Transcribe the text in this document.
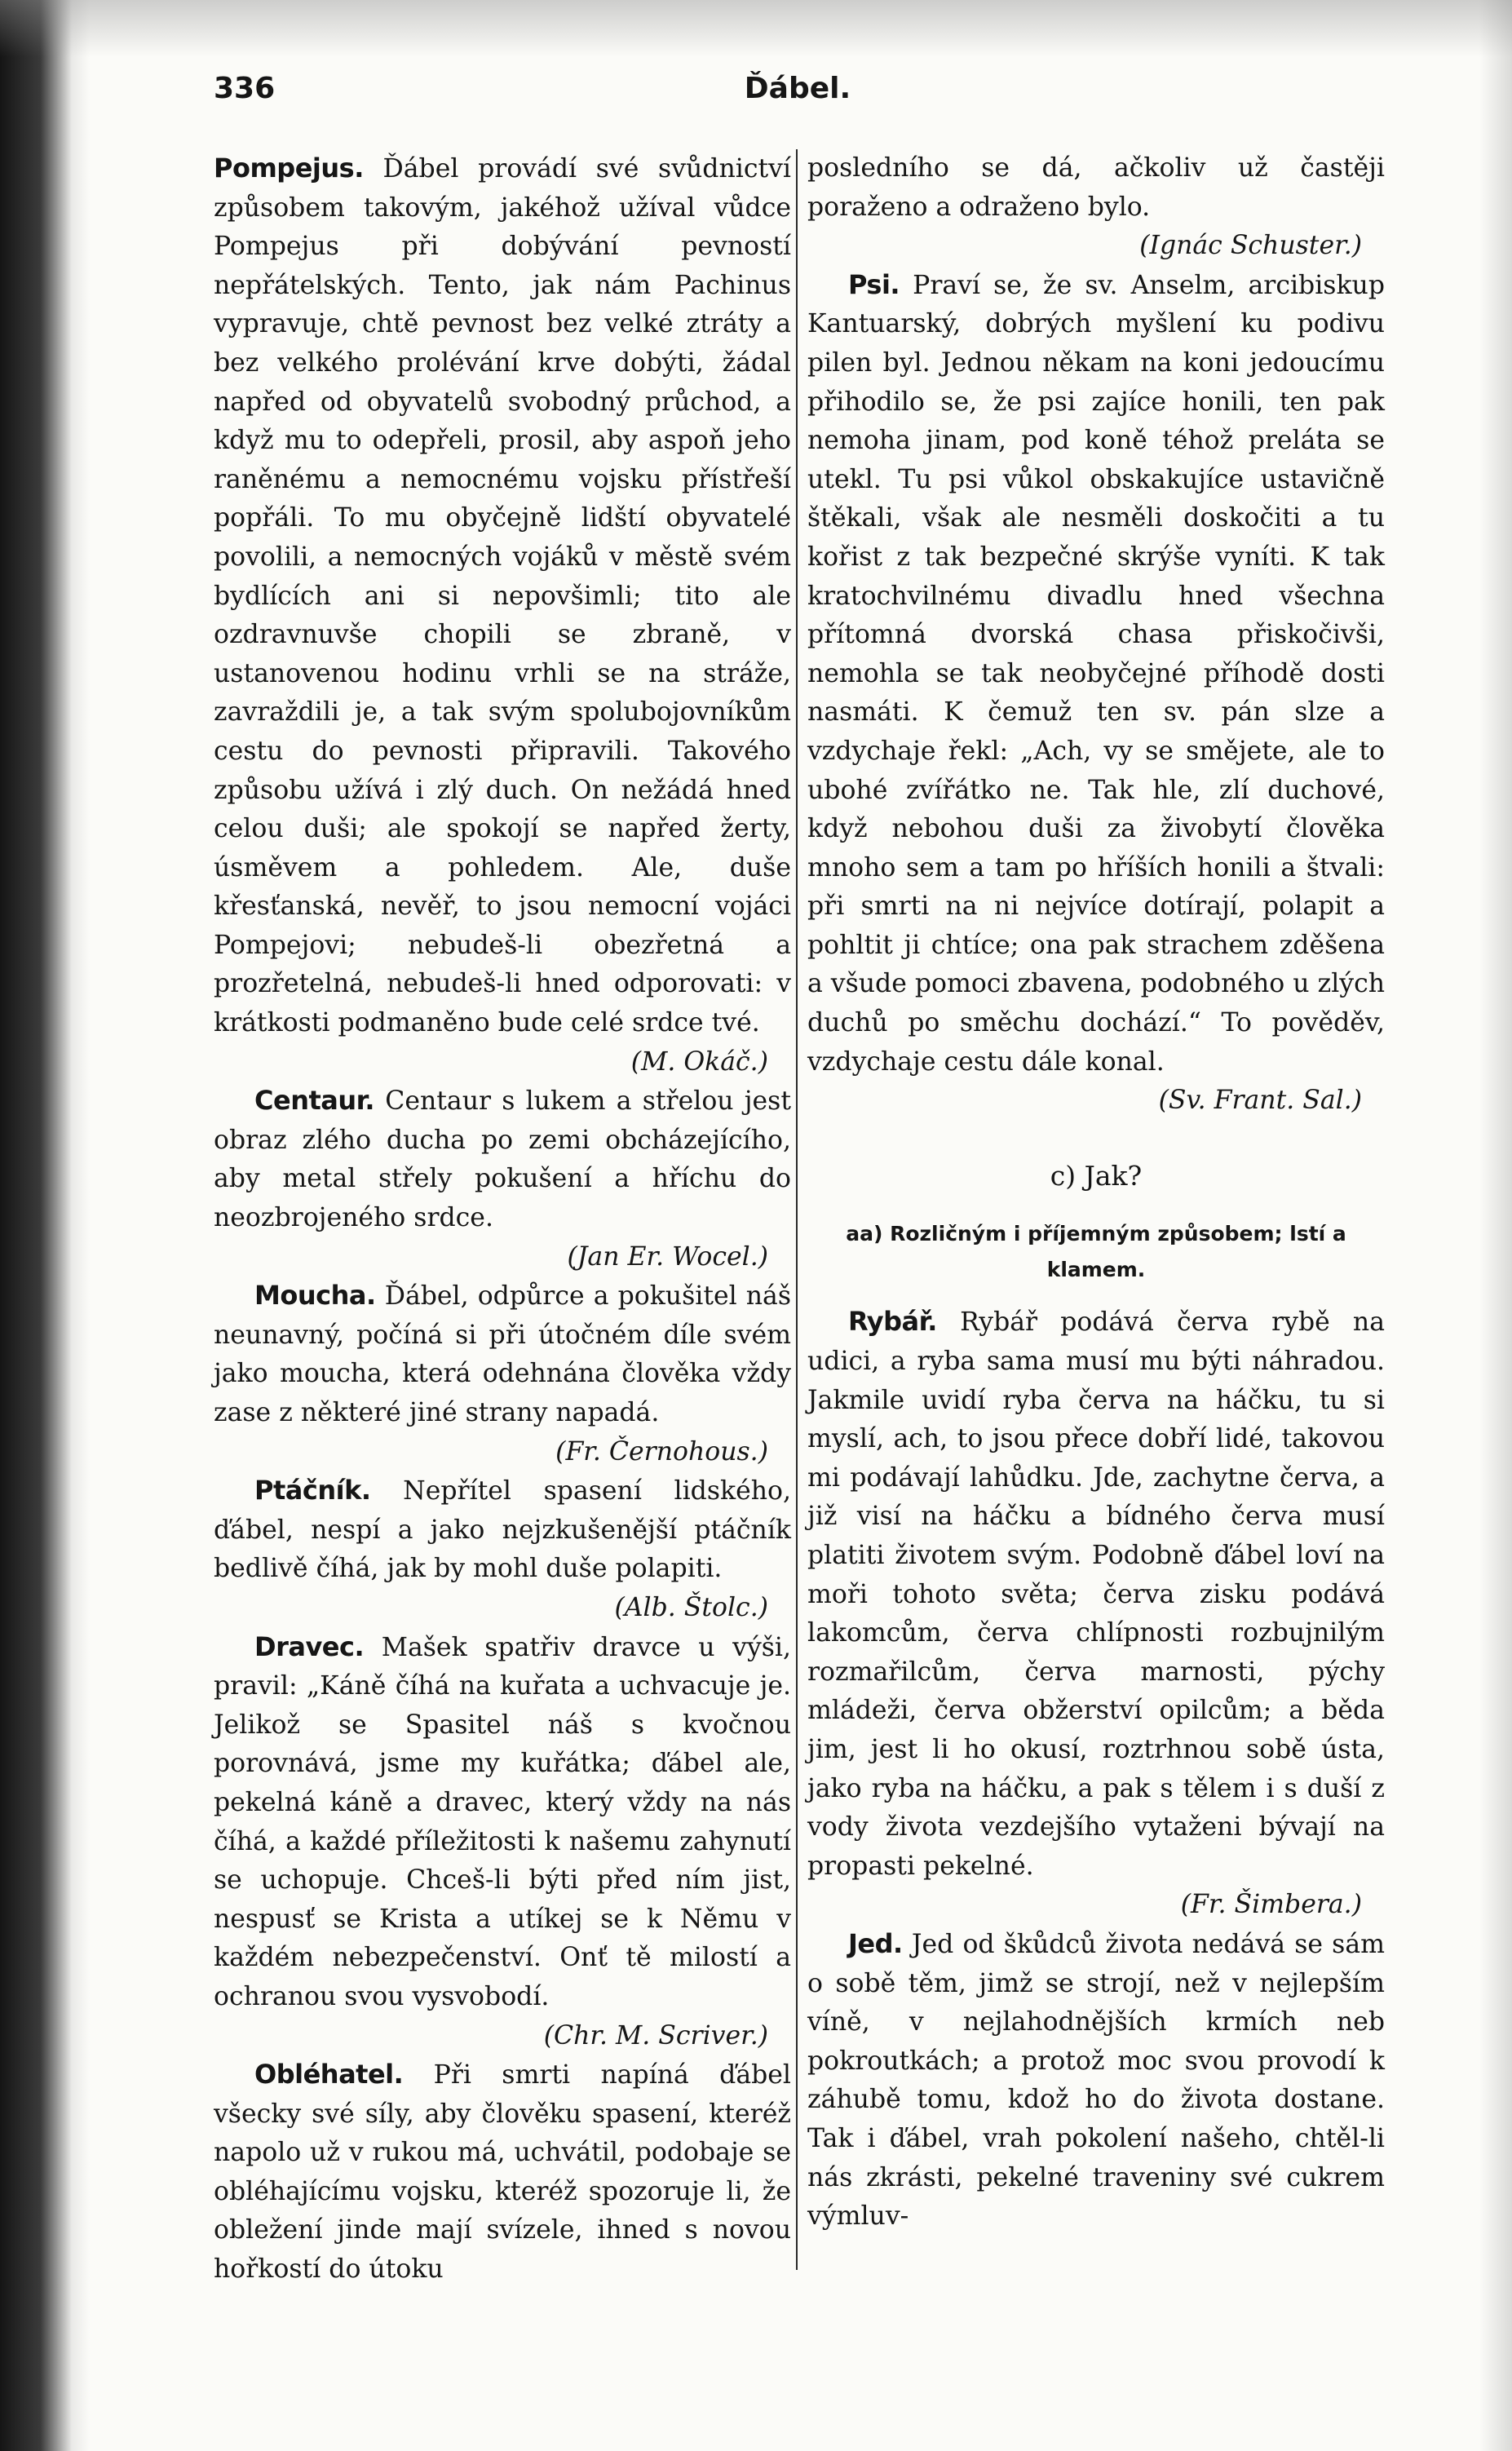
336	Ďábel.

Pompejus. Ďábel provádí své svůdnictví způsobem takovým, jakéhož užíval vůdce Pompejus při dobývání pevností nepřátelských. Tento, jak nám Pachinus vypravuje, chtě pevnost bez velké ztráty a bez velkého prolévání krve dobýti, žádal napřed od obyvatelů svobodný průchod, a když mu to odepřeli, prosil, aby aspoň jeho raněnému a nemocnému vojsku přístřeší popřáli. To mu obyčejně lidští obyvatelé povolili, a nemocných vojáků v městě svém bydlících ani si nepovšimli; tito ale ozdravnuvše chopili se zbraně, v ustanovenou hodinu vrhli se na stráže, zavraždili je, a tak svým spolubojovníkům cestu do pevnosti připravili. Takového způsobu užívá i zlý duch. On nežádá hned celou duši; ale spokojí se napřed žerty, úsměvem a pohledem. Ale, duše křesťanská, nevěř, to jsou nemocní vojáci Pompejovi; nebudeš-li obezřetná a prozřetelná, nebudeš-li hned odporovati: v krátkosti podmaněno bude celé srdce tvé.

(M. Okáč.)

Centaur. Centaur s lukem a střelou jest obraz zlého ducha po zemi obcházejícího, aby metal střely pokušení a hříchu do neozbrojeného srdce.

(Jan Er. Wocel.)

Moucha. Ďábel, odpůrce a pokušitel náš neunavný, počíná si při útočném díle svém jako moucha, která odehnána člověka vždy zase z některé jiné strany napadá.

(Fr. Černohous.)

Ptáčník. Nepřítel spasení lidského, ďábel, nespí a jako nejzkušenější ptáčník bedlivě číhá, jak by mohl duše polapiti.

(Alb. Štolc.)

Dravec. Mašek spatřiv dravce u výši, pravil: „Káně číhá na kuřata a uchvacuje je. Jelikož se Spasitel náš s kvočnou porovnává, jsme my kuřátka; ďábel ale, pekelná káně a dravec, který vždy na nás číhá, a každé příležitosti k našemu zahynutí se uchopuje. Chceš-li býti před ním jist, nespusť se Krista a utíkej se k Němu v každém nebezpečenství. Onť tě milostí a ochranou svou vysvobodí.

(Chr. M. Scriver.)

Obléhatel. Při smrti napíná ďábel všecky své síly, aby člověku spasení, kteréž napolo už v rukou má, uchvátil, podobaje se obléhajícímu vojsku, kteréž spozoruje li, že obležení jinde mají svízele, ihned s novou hořkostí do útoku

posledního se dá, ačkoliv už častěji poraženo a odraženo bylo.

(Ignác Schuster.)

Psi. Praví se, že sv. Anselm, arcibiskup Kantuarský, dobrých myšlení ku podivu pilen byl. Jednou někam na koni jedoucímu přihodilo se, že psi zajíce honili, ten pak nemoha jinam, pod koně téhož preláta se utekl. Tu psi vůkol obskakujíce ustavičně štěkali, však ale nesměli doskočiti a tu kořist z tak bezpečné skrýše vyníti. K tak kratochvilnému divadlu hned všechna přítomná dvorská chasa přiskočivši, nemohla se tak neobyčejné příhodě dosti nasmáti. K čemuž ten sv. pán slze a vzdychaje řekl: „Ach, vy se smějete, ale to ubohé zvířátko ne. Tak hle, zlí duchové, když nebohou duši za živobytí člověka mnoho sem a tam po hříších honili a štvali: při smrti na ni nejvíce dotírají, polapit a pohltit ji chtíce; ona pak strachem zděšena a všude pomoci zbavena, podobného u zlých duchů po směchu dochází.“ To pověděv, vzdychaje cestu dále konal.

(Sv. Frant. Sal.)

c) Jak?

aa) Rozličným i příjemným způsobem; lstí a klamem.

Rybář. Rybář podává červa rybě na udici, a ryba sama musí mu býti náhradou. Jakmile uvidí ryba červa na háčku, tu si myslí, ach, to jsou přece dobří lidé, takovou mi podávají lahůdku. Jde, zachytne červa, a již visí na háčku a bídného červa musí platiti životem svým. Podobně ďábel loví na moři tohoto světa; červa zisku podává lakomcům, červa chlípnosti rozbujnilým rozmařilcům, červa marnosti, pýchy mládeži, červa obžerství opilcům; a běda jim, jest li ho okusí, roztrhnou sobě ústa, jako ryba na háčku, a pak s tělem i s duší z vody života vezdejšího vytaženi bývají na propasti pekelné.

(Fr. Šimbera.)

Jed. Jed od škůdců života nedává se sám o sobě těm, jimž se strojí, než v nejlepším víně, v nejlahodnějších krmích neb pokroutkách; a protož moc svou provodí k záhubě tomu, kdož ho do života dostane. Tak i ďábel, vrah pokolení našeho, chtěl-li nás zkrásti, pekelné traveniny své cukrem výmluv-
